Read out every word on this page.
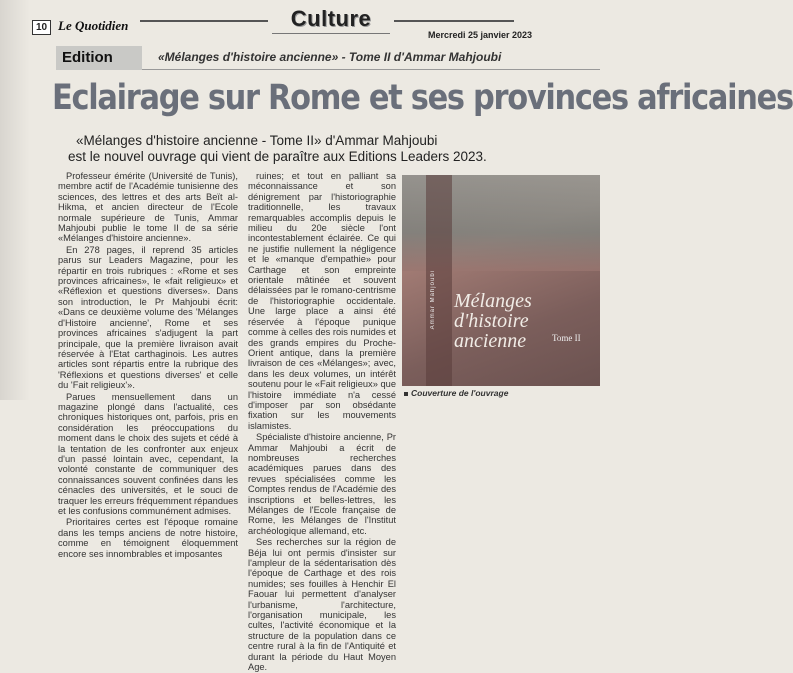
10 Le Quotidien	Culture
Mercredi 25 janvier 2023
Edition	«Mélanges d'histoire ancienne» - Tome II d'Ammar Mahjoubi
Eclairage sur Rome et ses provinces africaines
«Mélanges d'histoire ancienne - Tome II» d'Ammar Mahjoubi
est le nouvel ouvrage qui vient de paraître aux Editions Leaders 2023.

Professeur émérite (Université de Tunis), membre actif de l'Académie tunisienne des sciences, des lettres et des arts Beït al-Hikma, et ancien directeur de l'Ecole normale supérieure de Tunis, Ammar Mahjoubi publie le tome II de sa série «Mélanges d'histoire ancienne».

En 278 pages, il reprend 35 articles parus sur Leaders Magazine, pour les répartir en trois rubriques : «Rome et ses provinces africaines», le «fait religieux» et «Réflexion et questions diverses». Dans son introduction, le Pr Mahjoubi écrit: «Dans ce deuxième volume des 'Mélanges d'Histoire ancienne', Rome et ses provinces africaines s'adjugent la part principale, que la première livraison avait réservée à l'Etat carthaginois. Les autres articles sont répartis entre la rubrique des 'Réflexions et questions diverses' et celle du 'Fait religieux'».

Parues mensuellement dans un magazine plongé dans l'actualité, ces chroniques historiques ont, parfois, pris en considération les préoccupations du moment dans le choix des sujets et cédé à la tentation de les confronter aux enjeux d'un passé lointain avec, cependant, la volonté constante de communiquer des connaissances souvent confinées dans les cénacles des universités, et le souci de traquer les erreurs fréquemment répandues et les confusions communément admises.

Prioritaires certes est l'époque romaine dans les temps anciens de notre histoire, comme en témoignent éloquemment encore ses innombrables et imposantes

ruines; et tout en palliant sa méconnaissance et son dénigrement par l'historiographie traditionnelle, les travaux remarquables accomplis depuis le milieu du 20e siècle l'ont incontestablement éclairée. Ce qui ne justifie nullement la négligence et le «manque d'empathie» pour Carthage et son empreinte orientale mâtinée et souvent délaissées par le romano-centrisme de l'historiographie occidentale. Une large place a ainsi été réservée à l'époque punique comme à celles des rois numides et des grands empires du Proche-Orient antique, dans la première livraison de ces «Mélanges»; avec, dans les deux volumes, un intérêt soutenu pour le «Fait religieux» que l'histoire immédiate n'a cessé d'imposer par son obsédante fixation sur les mouvements islamistes.

Spécialiste d'histoire ancienne, Pr Ammar Mahjoubi a écrit de nombreuses recherches académiques parues dans des revues spécialisées comme les Comptes rendus de l'Académie des inscriptions et belles-lettres, les Mélanges de l'Ecole française de Rome, les Mélanges de l'Institut archéologique allemand, etc.

Ses recherches sur la région de Béja lui ont permis d'insister sur l'ampleur de la sédentarisation dès l'époque de Carthage et des rois numides; ses fouilles à Henchir El Faouar lui permettent d'analyser l'urbanisme, l'architecture, l'organisation municipale, les cultes, l'activité économique et la structure de la population dans ce centre rural à la fin de l'Antiquité et durant la période du Haut Moyen Age.

Ammar Mahjoubi Mélanges d'histoire ancienne	Tome II
Couverture de l'ouvrage
